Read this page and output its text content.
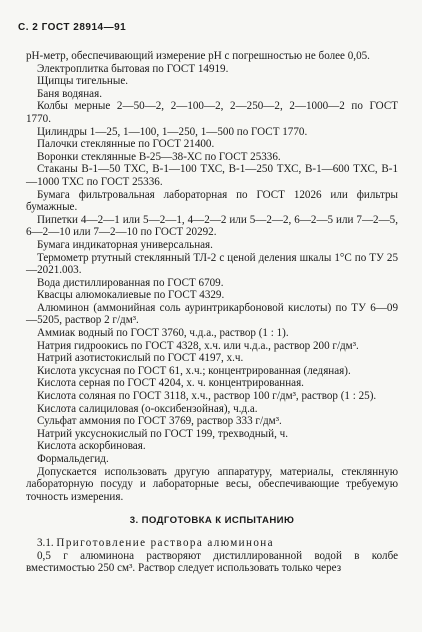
С. 2 ГОСТ 28914—91

рН-метр, обеспечивающий измерение рН с погрешностью не более 0,05.

Электроплитка бытовая по ГОСТ 14919.

Щипцы тигельные.

Баня водяная.

Колбы мерные 2—50—2, 2—100—2, 2—250—2, 2—1000—2 по ГОСТ 1770.

Цилиндры 1—25, 1—100, 1—250, 1—500 по ГОСТ 1770.

Палочки стеклянные по ГОСТ 21400.

Воронки стеклянные В-25—38-ХС по ГОСТ 25336.

Стаканы В-1—50 ТХС, В-1—100 ТХС, В-1—250 ТХС, В-1—600 ТХС, В-1—1000 ТХС по ГОСТ 25336.

Бумага фильтровальная лабораторная по ГОСТ 12026 или фильтры бумажные.

Пипетки 4—2—1 или 5—2—1, 4—2—2 или 5—2—2, 6—2—5 или 7—2—5, 6—2—10 или 7—2—10 по ГОСТ 20292.

Бумага индикаторная универсальная.

Термометр ртутный стеклянный ТЛ-2 с ценой деления шкалы 1°С по ТУ 25—2021.003.

Вода дистиллированная по ГОСТ 6709.

Квасцы алюмокалиевые по ГОСТ 4329.

Алюминон (аммонийная соль ауринтрикарбоновой кислоты) по ТУ 6—09—5205, раствор 2 г/дм³.

Аммиак водный по ГОСТ 3760, ч.д.а., раствор (1 : 1).

Натрия гидроокись по ГОСТ 4328, х.ч. или ч.д.а., раствор 200 г/дм³.

Натрий азотистокислый по ГОСТ 4197, х.ч.

Кислота уксусная по ГОСТ 61, х.ч.; концентрированная (ледяная).

Кислота серная по ГОСТ 4204, х. ч. концентрированная.

Кислота соляная по ГОСТ 3118, х.ч., раствор 100 г/дм³, раствор (1 : 25).

Кислота салициловая (о-оксибензойная), ч.д.а.

Сульфат аммония по ГОСТ 3769, раствор 333 г/дм³.

Натрий уксуснокислый по ГОСТ 199, трехводный, ч.

Кислота аскорбиновая.

Формальдегид.

Допускается использовать другую аппаратуру, материалы, стеклянную лабораторную посуду и лабораторные весы, обеспечивающие требуемую точность измерения.

3. ПОДГОТОВКА К ИСПЫТАНИЮ

3.1. Приготовление раствора алюминона

0,5 г алюминона растворяют дистиллированной водой в колбе вместимостью 250 см³. Раствор следует использовать только через
